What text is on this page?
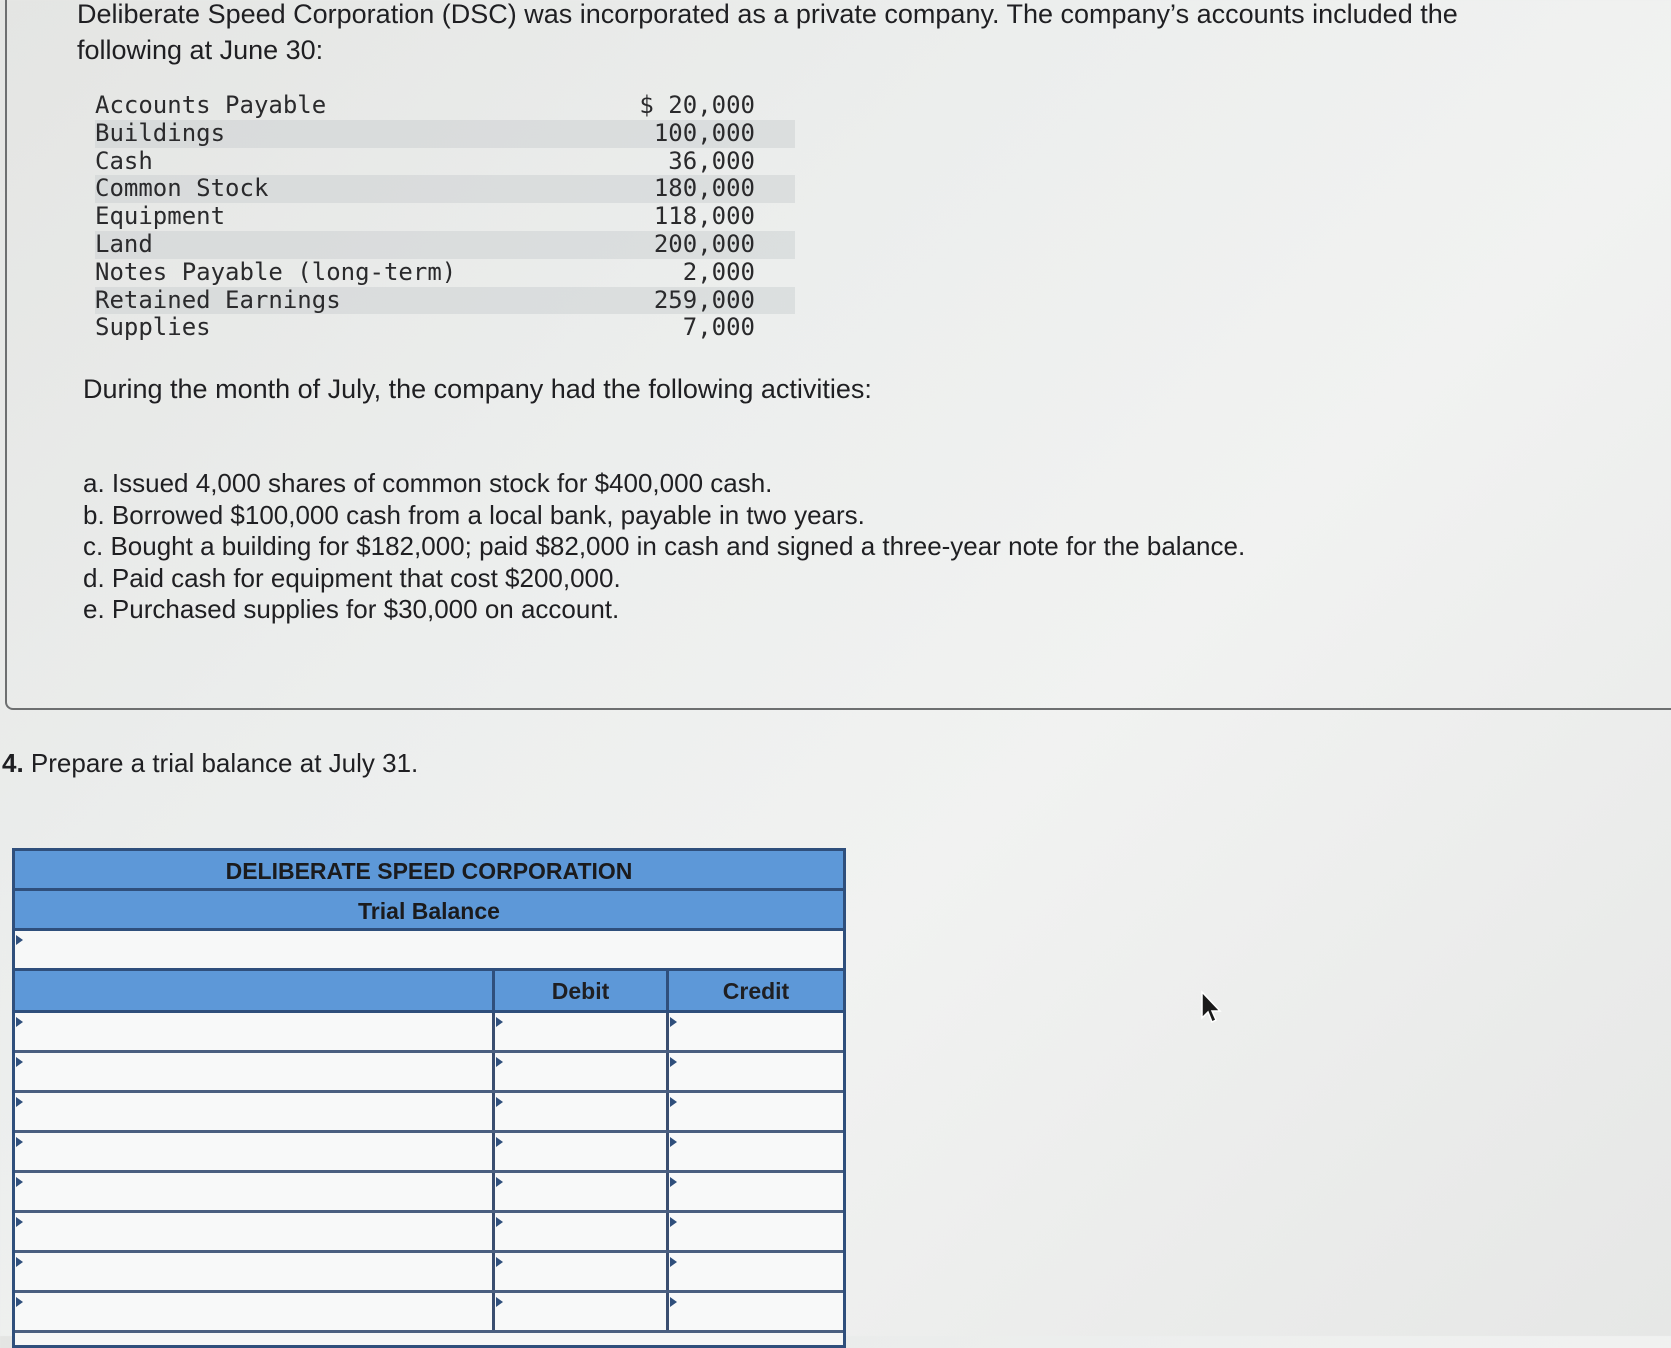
Deliberate Speed Corporation (DSC) was incorporated as a private company. The company’s accounts included the following at June 30:

Accounts Payable	$ 20,000
Buildings	100,000
Cash	36,000
Common Stock	180,000
Equipment	118,000
Land	200,000
Notes Payable (long-term)	2,000
Retained Earnings	259,000
Supplies	7,000

During the month of July, the company had the following activities:

a. Issued 4,000 shares of common stock for $400,000 cash.
b. Borrowed $100,000 cash from a local bank, payable in two years.
c. Bought a building for $182,000; paid $82,000 in cash and signed a three-year note for the balance.
d. Paid cash for equipment that cost $200,000.
e. Purchased supplies for $30,000 on account.

4. Prepare a trial balance at July 31.

DELIBERATE SPEED CORPORATION
Trial Balance
Debit	Credit
